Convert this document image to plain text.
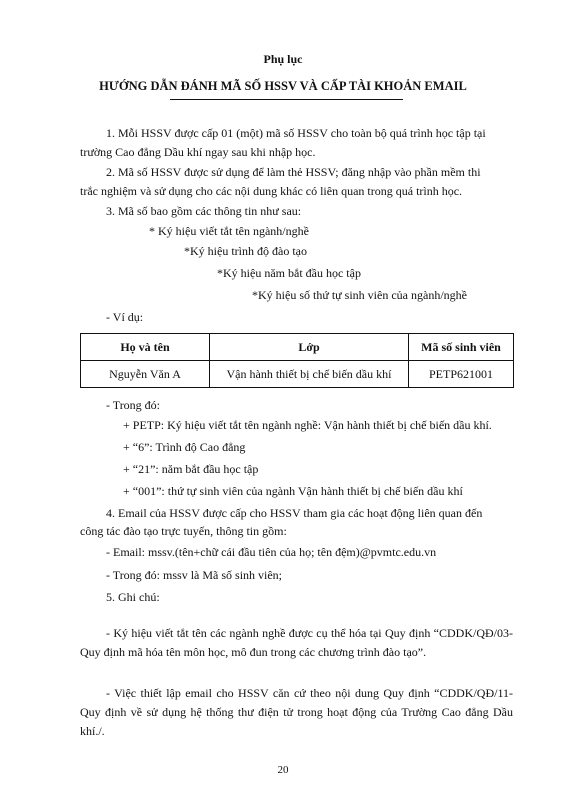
Phụ lục

HƯỚNG DẪN ĐÁNH MÃ SỐ HSSV VÀ CẤP TÀI KHOẢN EMAIL

1. Mỗi HSSV được cấp 01 (một) mã số HSSV cho toàn bộ quá trình học tập tại

trường Cao đẳng Dầu khí ngay sau khi nhập học.

2. Mã số HSSV được sử dụng để làm thẻ HSSV; đăng nhập vào phần mềm thi

trắc nghiệm và sử dụng cho các nội dung khác có liên quan trong quá trình học.

3. Mã số bao gồm các thông tin như sau:

* Ký hiệu viết tắt tên ngành/nghề

*Ký hiệu trình độ đào tạo

*Ký hiệu năm bắt đầu học tập

*Ký hiệu số thứ tự sinh viên của ngành/nghề

- Ví dụ:

Họ và tên	Lớp	Mã số sinh viên
Nguyễn Văn A	Vận hành thiết bị chế biến dầu khí	PETP621001

- Trong đó:

+ PETP: Ký hiệu viết tắt tên ngành nghề: Vận hành thiết bị chế biến dầu khí.

+ “6”: Trình độ Cao đẳng

+ “21”: năm bắt đầu học tập

+ “001”: thứ tự sinh viên của ngành Vận hành thiết bị chế biến dầu khí

4. Email của HSSV được cấp cho HSSV tham gia các hoạt động liên quan đến

công tác đào tạo trực tuyến, thông tin gồm:

- Email: mssv.(tên+chữ cái đầu tiên của họ; tên đệm)@pvmtc.edu.vn

- Trong đó: mssv là Mã số sinh viên;

5. Ghi chú:

- Ký hiệu viết tắt tên các ngành nghề được cụ thể hóa tại Quy định “CDDK/QĐ/03- Quy định mã hóa tên môn học, mô đun trong các chương trình đào tạo”.

- Việc thiết lập email cho HSSV căn cứ theo nội dung Quy định “CDDK/QĐ/11- Quy định về sử dụng hệ thống thư điện tử trong hoạt động của Trường Cao đẳng Dầu khí./.

20
